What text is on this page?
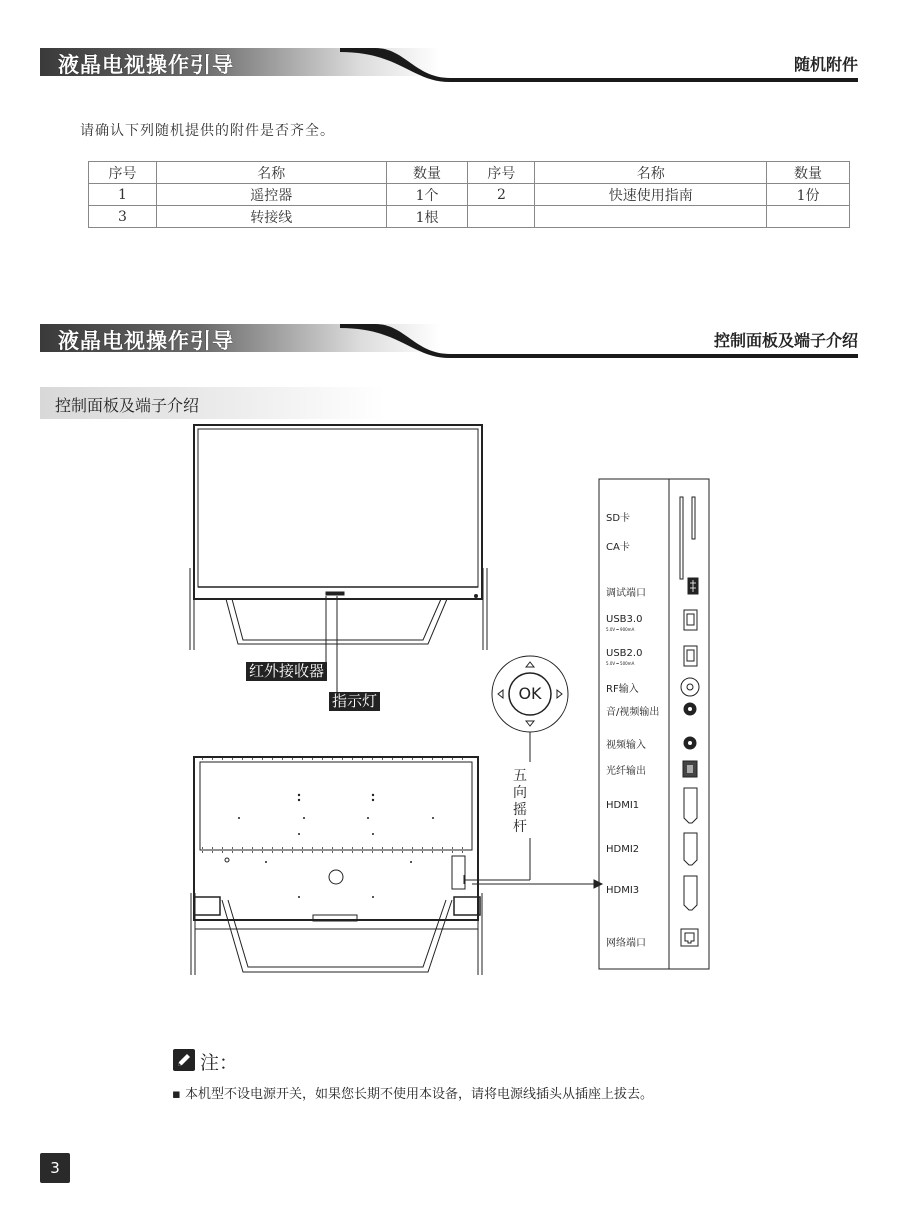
液晶电视操作引导	随机附件
请确认下列随机提供的附件是否齐全。
序号	名称	数量	序号	名称	数量
1	遥控器	1个	2	快速使用指南	1份
3	转接线	1根			
液晶电视操作引导	控制面板及端子介绍
控制面板及端子介绍
红外接收器
指示灯	OK
五
向
摇
杆
SD卡
CA卡
调试端口
USB3.0
5.0V ═ 900mA
USB2.0
5.0V ═ 500mA
RF输入
音/视频输出
视频输入
光纤输出
HDMI1
HDMI2
HDMI3
网络端口
注：
▪ 本机型不设电源开关，如果您长期不使用本设备，请将电源线插头从插座上拔去。
3
